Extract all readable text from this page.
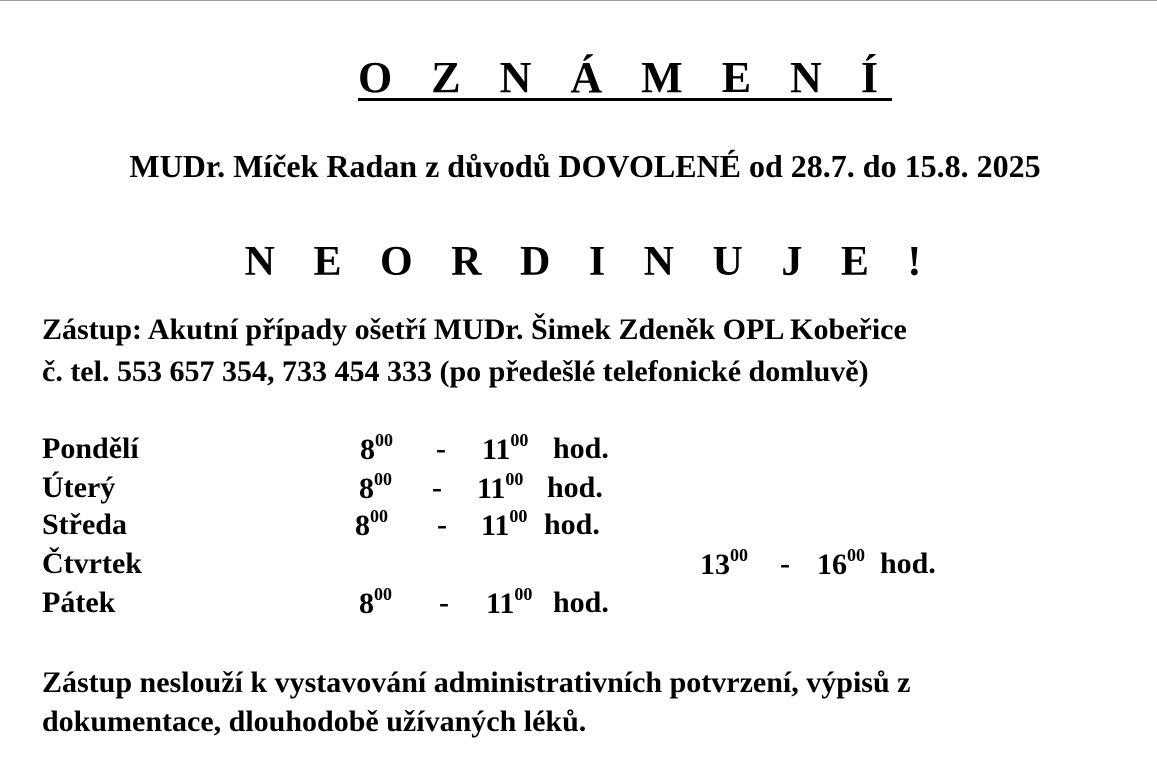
O Z N Á M E N Í
MUDr. Míček Radan z důvodů DOVOLENÉ od 28.7. do 15.8. 2025
N E O R D I N U J E !
Zástup: Akutní případy ošetří MUDr. Šimek Zdeněk OPL Kobeřice
č. tel. 553 657 354, 733 454 333 (po předešlé telefonické domluvě)
Pondělí	$8^{00} - 11^{00}$ hod.
Úterý	$8^{00} - 11^{00}$ hod.
Středa	$8^{00} - 11^{00}$ hod.
Čtvrtek	$13^{00} - 16^{00}$ hod.
Pátek	$8^{00} - 11^{00}$ hod.
Zástup neslouží k vystavování administrativních potvrzení, výpisů z
dokumentace, dlouhodobě užívaných léků.
